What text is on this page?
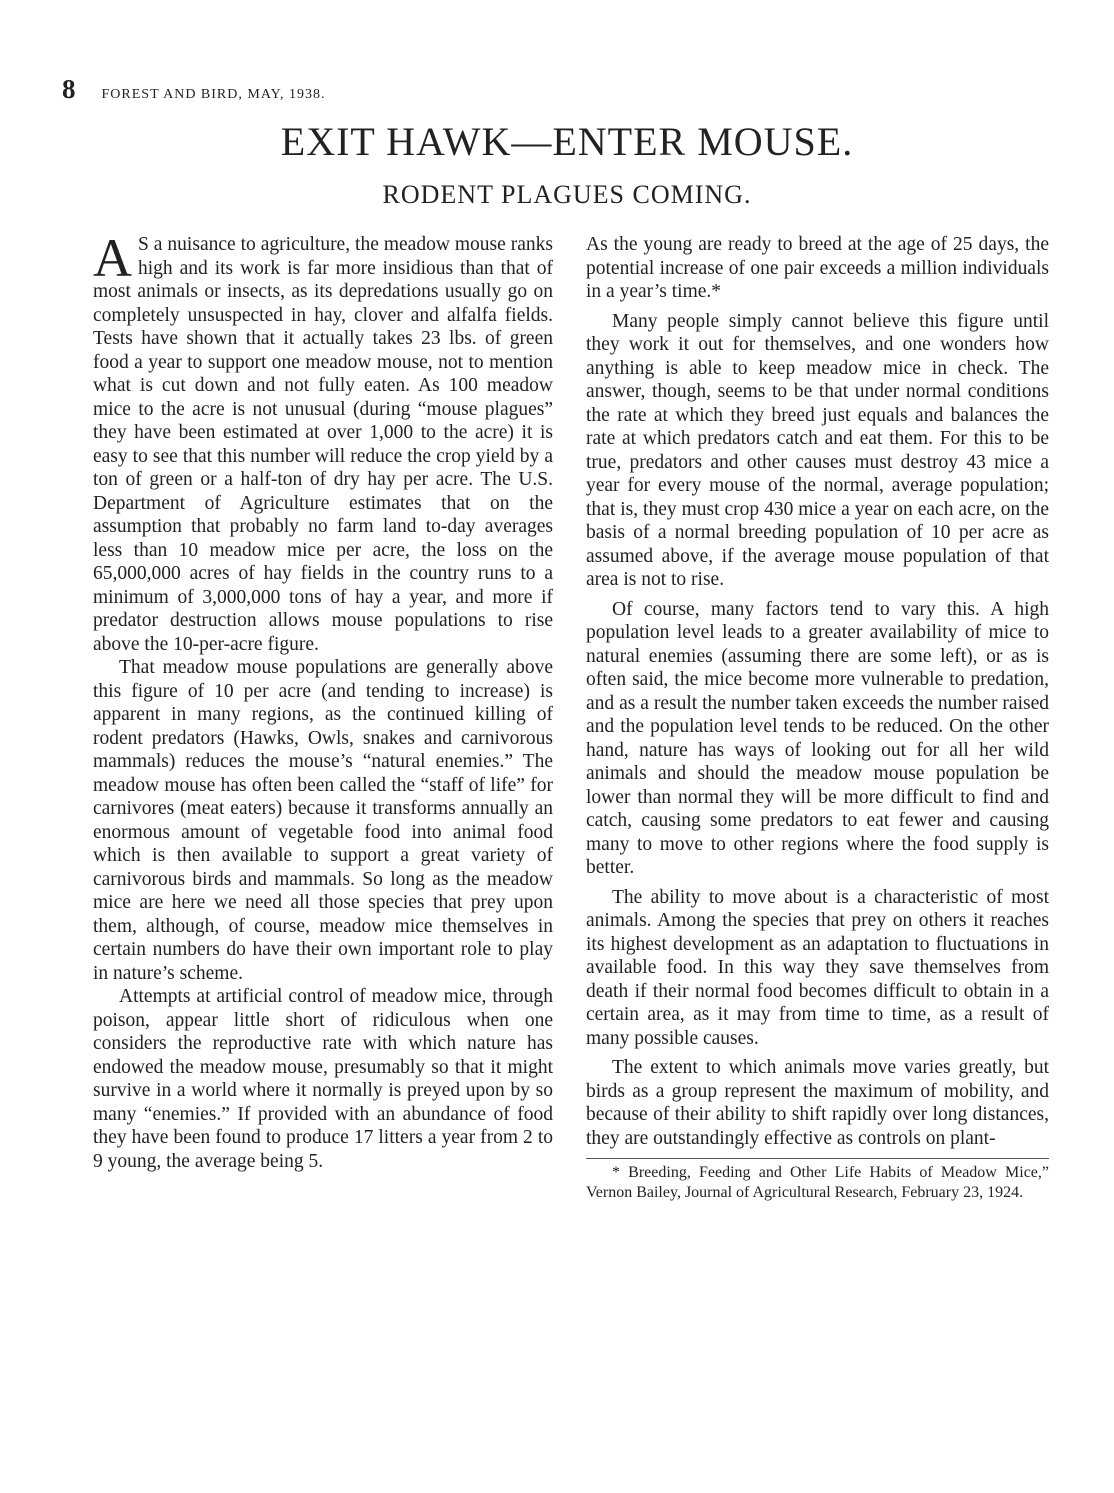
8 FOREST AND BIRD, MAY, 1938.
EXIT HAWK—ENTER MOUSE.
RODENT PLAGUES COMING.

A S a nuisance to agriculture, the meadow mouse ranks high and its work is far more insidious than that of most animals or insects, as its depredations usually go on completely unsuspected in hay, clover and alfalfa fields. Tests have shown that it actually takes 23 lbs. of green food a year to support one meadow mouse, not to mention what is cut down and not fully eaten. As 100 meadow mice to the acre is not unusual (during “mouse plagues” they have been estimated at over 1,000 to the acre) it is easy to see that this number will reduce the crop yield by a ton of green or a half-ton of dry hay per acre. The U.S. Department of Agriculture estimates that on the assumption that probably no farm land to-day averages less than 10 meadow mice per acre, the loss on the 65,000,000 acres of hay fields in the country runs to a minimum of 3,000,000 tons of hay a year, and more if predator destruction allows mouse populations to rise above the 10-per-acre figure.

That meadow mouse populations are generally above this figure of 10 per acre (and tending to increase) is apparent in many regions, as the continued killing of rodent predators (Hawks, Owls, snakes and carnivorous mammals) reduces the mouse’s “natural enemies.” The meadow mouse has often been called the “staff of life” for carnivores (meat eaters) because it transforms annually an enormous amount of vegetable food into animal food which is then available to support a great variety of carnivorous birds and mammals. So long as the meadow mice are here we need all those species that prey upon them, although, of course, meadow mice themselves in certain numbers do have their own important role to play in nature’s scheme.

Attempts at artificial control of meadow mice, through poison, appear little short of ridiculous when one considers the reproductive rate with which nature has endowed the meadow mouse, presumably so that it might survive in a world where it normally is preyed upon by so many “enemies.” If provided with an abundance of food they have been found to produce 17 litters a year from 2 to 9 young, the average being 5.

As the young are ready to breed at the age of 25 days, the potential increase of one pair exceeds a million individuals in a year’s time.*

Many people simply cannot believe this figure until they work it out for themselves, and one wonders how anything is able to keep meadow mice in check. The answer, though, seems to be that under normal conditions the rate at which they breed just equals and balances the rate at which predators catch and eat them. For this to be true, predators and other causes must destroy 43 mice a year for every mouse of the normal, average population; that is, they must crop 430 mice a year on each acre, on the basis of a normal breeding population of 10 per acre as assumed above, if the average mouse population of that area is not to rise.

Of course, many factors tend to vary this. A high population level leads to a greater availability of mice to natural enemies (assuming there are some left), or as is often said, the mice become more vulnerable to predation, and as a result the number taken exceeds the number raised and the population level tends to be reduced. On the other hand, nature has ways of looking out for all her wild animals and should the meadow mouse population be lower than normal they will be more difficult to find and catch, causing some predators to eat fewer and causing many to move to other regions where the food supply is better.

The ability to move about is a characteristic of most animals. Among the species that prey on others it reaches its highest development as an adaptation to fluctuations in available food. In this way they save themselves from death if their normal food becomes difficult to obtain in a certain area, as it may from time to time, as a result of many possible causes.

The extent to which animals move varies greatly, but birds as a group represent the maximum of mobility, and because of their ability to shift rapidly over long distances, they are outstandingly effective as controls on plant-

* Breeding, Feeding and Other Life Habits of Meadow Mice,” Vernon Bailey, Journal of Agricultural Research, February 23, 1924.
